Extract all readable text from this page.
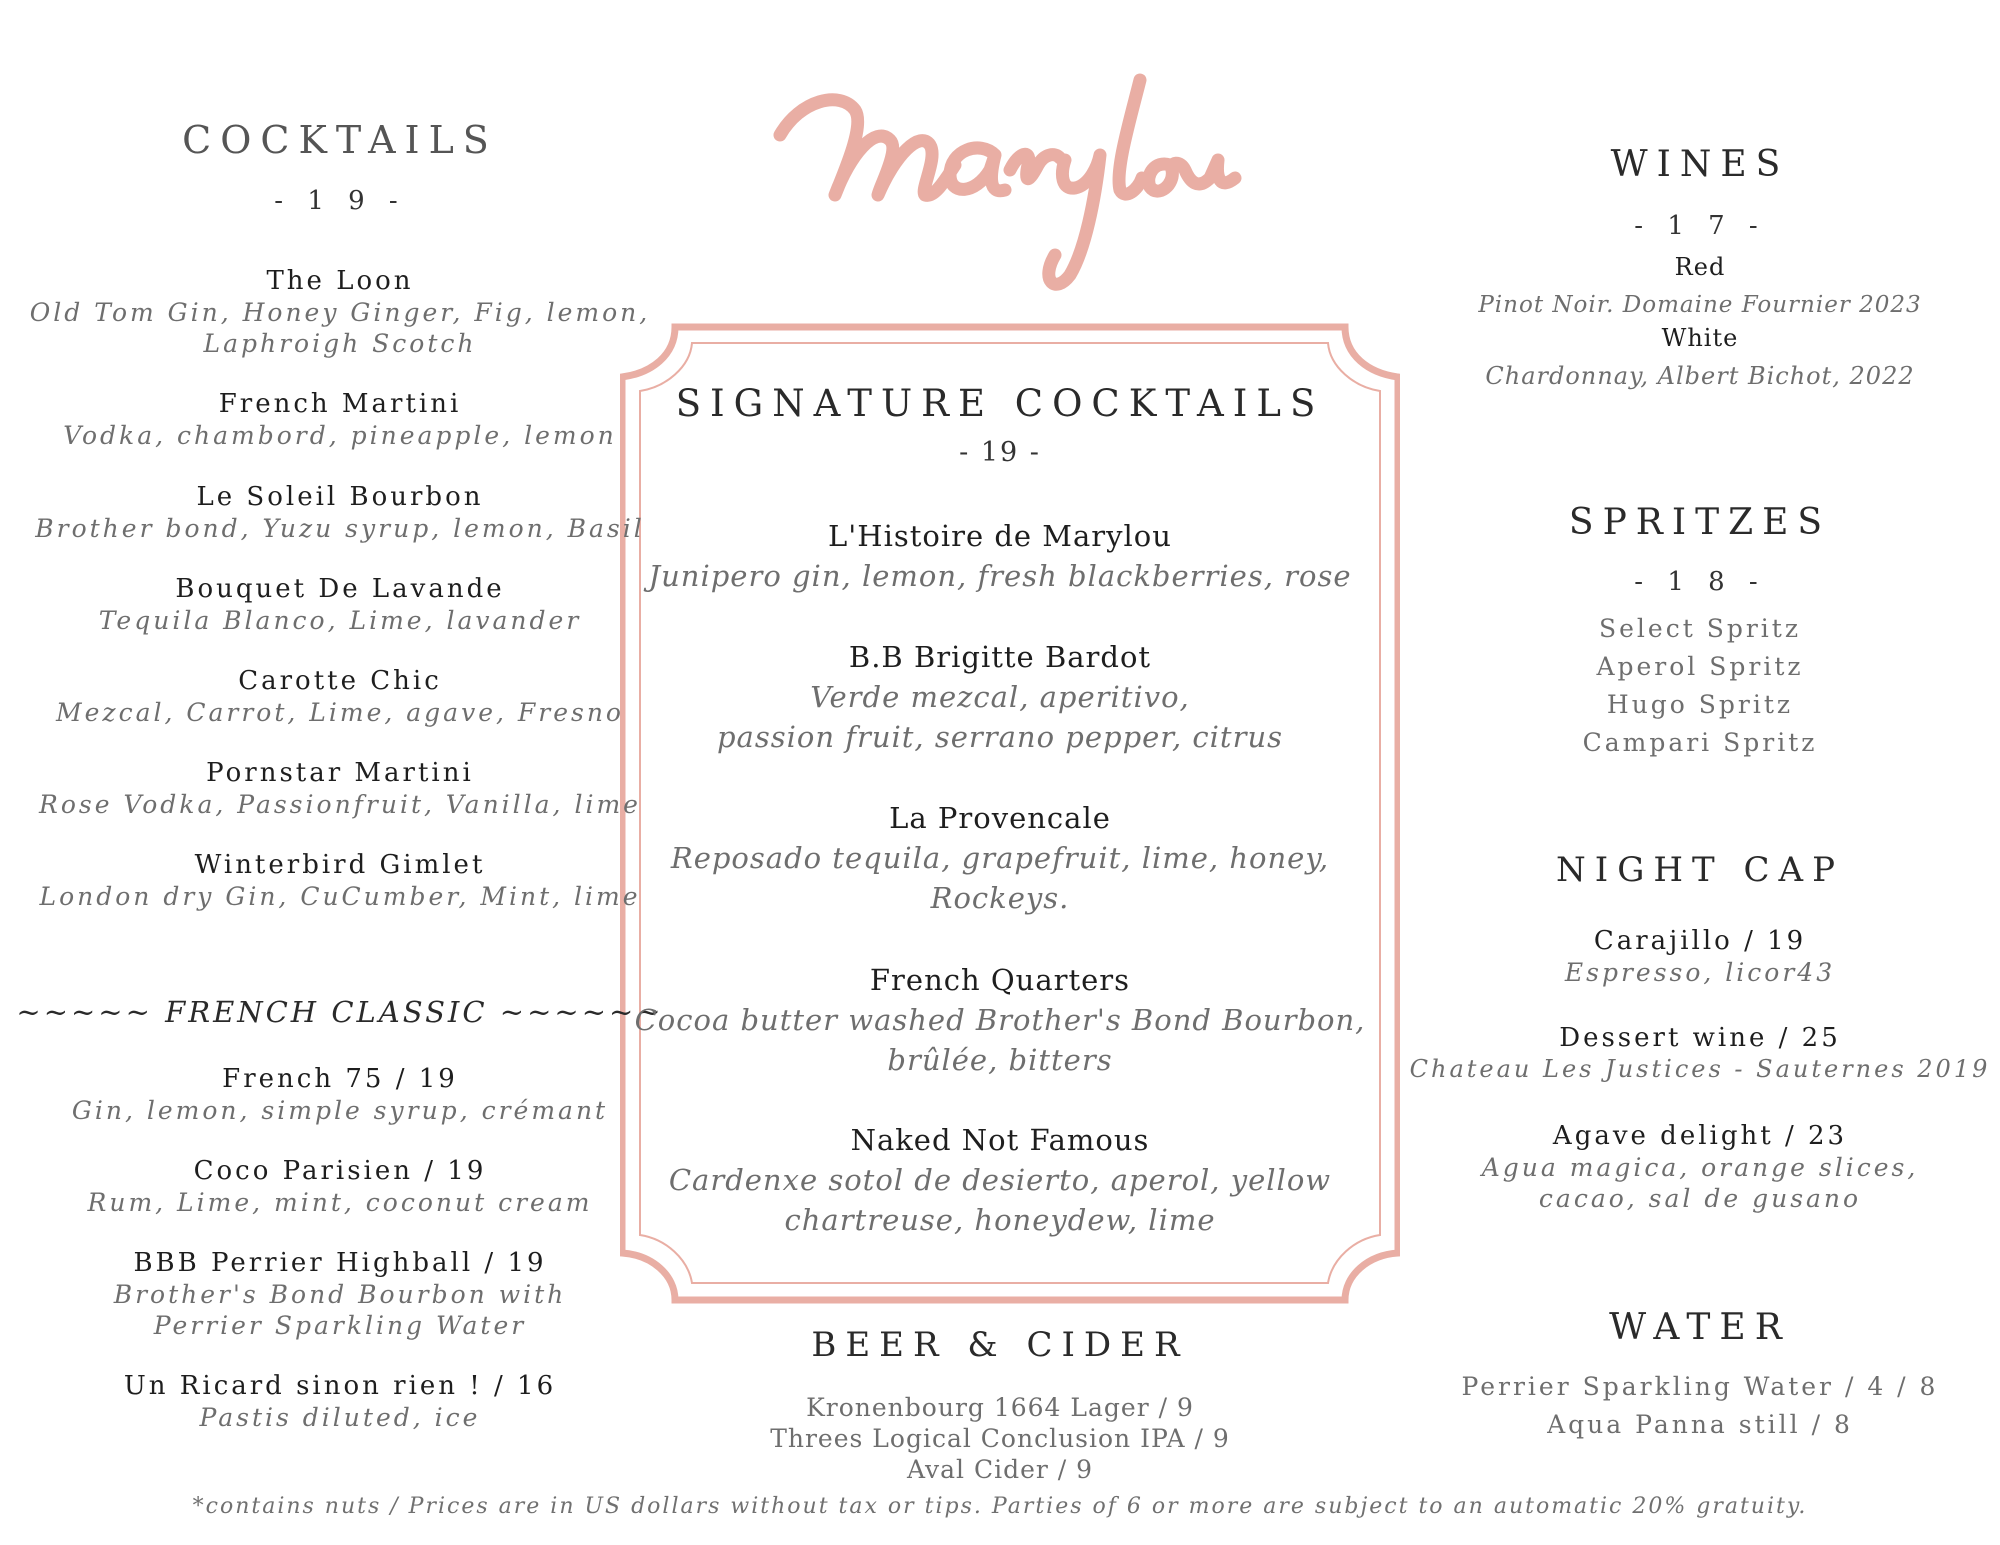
COCKTAILS
- 1 9 -
The Loon
Old Tom Gin, Honey Ginger, Fig, lemon,
Laphroigh Scotch
French Martini
Vodka, chambord, pineapple, lemon
Le Soleil Bourbon
Brother bond, Yuzu syrup, lemon, Basil
Bouquet De Lavande
Tequila Blanco, Lime, lavander
Carotte Chic
Mezcal, Carrot, Lime, agave, Fresno
Pornstar Martini
Rose Vodka, Passionfruit, Vanilla, lime
Winterbird Gimlet
London dry Gin, CuCumber, Mint, lime
~~~~~ FRENCH CLASSIC ~~~~~~
French 75 / 19
Gin, lemon, simple syrup, crémant
Coco Parisien / 19
Rum, Lime, mint, coconut cream
BBB Perrier Highball / 19
Brother's Bond Bourbon with
Perrier Sparkling Water
Un Ricard sinon rien ! / 16
Pastis diluted, ice
SIGNATURE COCKTAILS
- 19 -
L'Histoire de Marylou
Junipero gin, lemon, fresh blackberries, rose
B.B Brigitte Bardot
Verde mezcal, aperitivo,
passion fruit, serrano pepper, citrus
La Provencale
Reposado tequila, grapefruit, lime, honey,
Rockeys.
French Quarters
Cocoa butter washed Brother's Bond Bourbon,
brûlée, bitters
Naked Not Famous
Cardenxe sotol de desierto, aperol, yellow
chartreuse, honeydew, lime
BEER & CIDER
Kronenbourg 1664 Lager / 9
Threes Logical Conclusion IPA / 9
Aval Cider / 9
WINES
- 1 7 -
Red
Pinot Noir. Domaine Fournier 2023
White
Chardonnay, Albert Bichot, 2022
SPRITZES
- 1 8 -
Select Spritz
Aperol Spritz
Hugo Spritz
Campari Spritz
NIGHT CAP
Carajillo / 19
Espresso, licor43
Dessert wine / 25
Chateau Les Justices - Sauternes 2019
Agave delight / 23
Agua magica, orange slices,
cacao, sal de gusano
WATER
Perrier Sparkling Water / 4 / 8
Aqua Panna still / 8
*contains nuts / Prices are in US dollars without tax or tips. Parties of 6 or more are subject to an automatic 20% gratuity.
